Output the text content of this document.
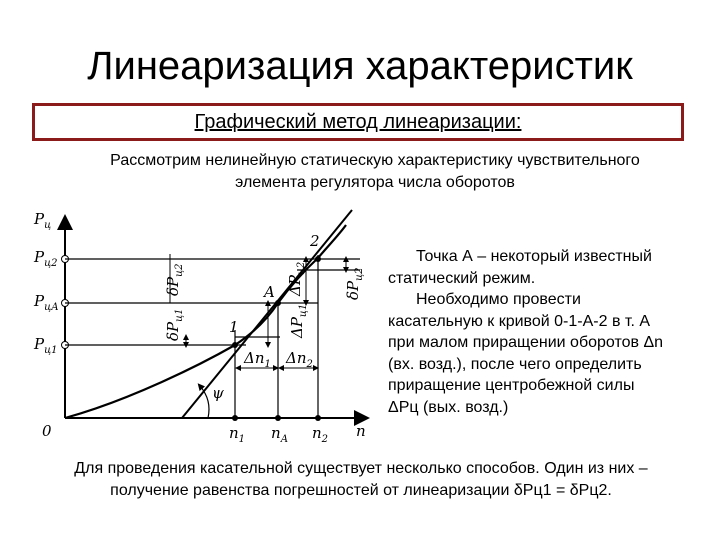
Линеаризация характеристик
Графический метод линеаризации:
Рассмотрим нелинейную статическую характеристику чувствительного
элемента регулятора числа оборотов
$P_ц$
$P_{ц2}$
$P_{цА}$
$P_{ц1}$
0	n
$n_1$ $n_А$ $n_2$
1
A
2
$\delta P_{ц2}$
$\delta P_{ц1}$
$\Delta P_{ц1}$
$\Delta P_{ц2}$
$\delta P_{ц2}$
$\Delta n_1$ $\Delta n_2$
ψ

Точка А – некоторый известный

статический режим.

Необходимо провести

касательную к кривой 0-1-А-2 в т. А

при малом приращении оборотов Δn

(вх. возд.), после чего определить

приращение центробежной силы

ΔPц (вых. возд.)

Для проведения касательной существует несколько способов. Один из них –
получение равенства погрешностей от линеаризации δPц1 = δPц2.
